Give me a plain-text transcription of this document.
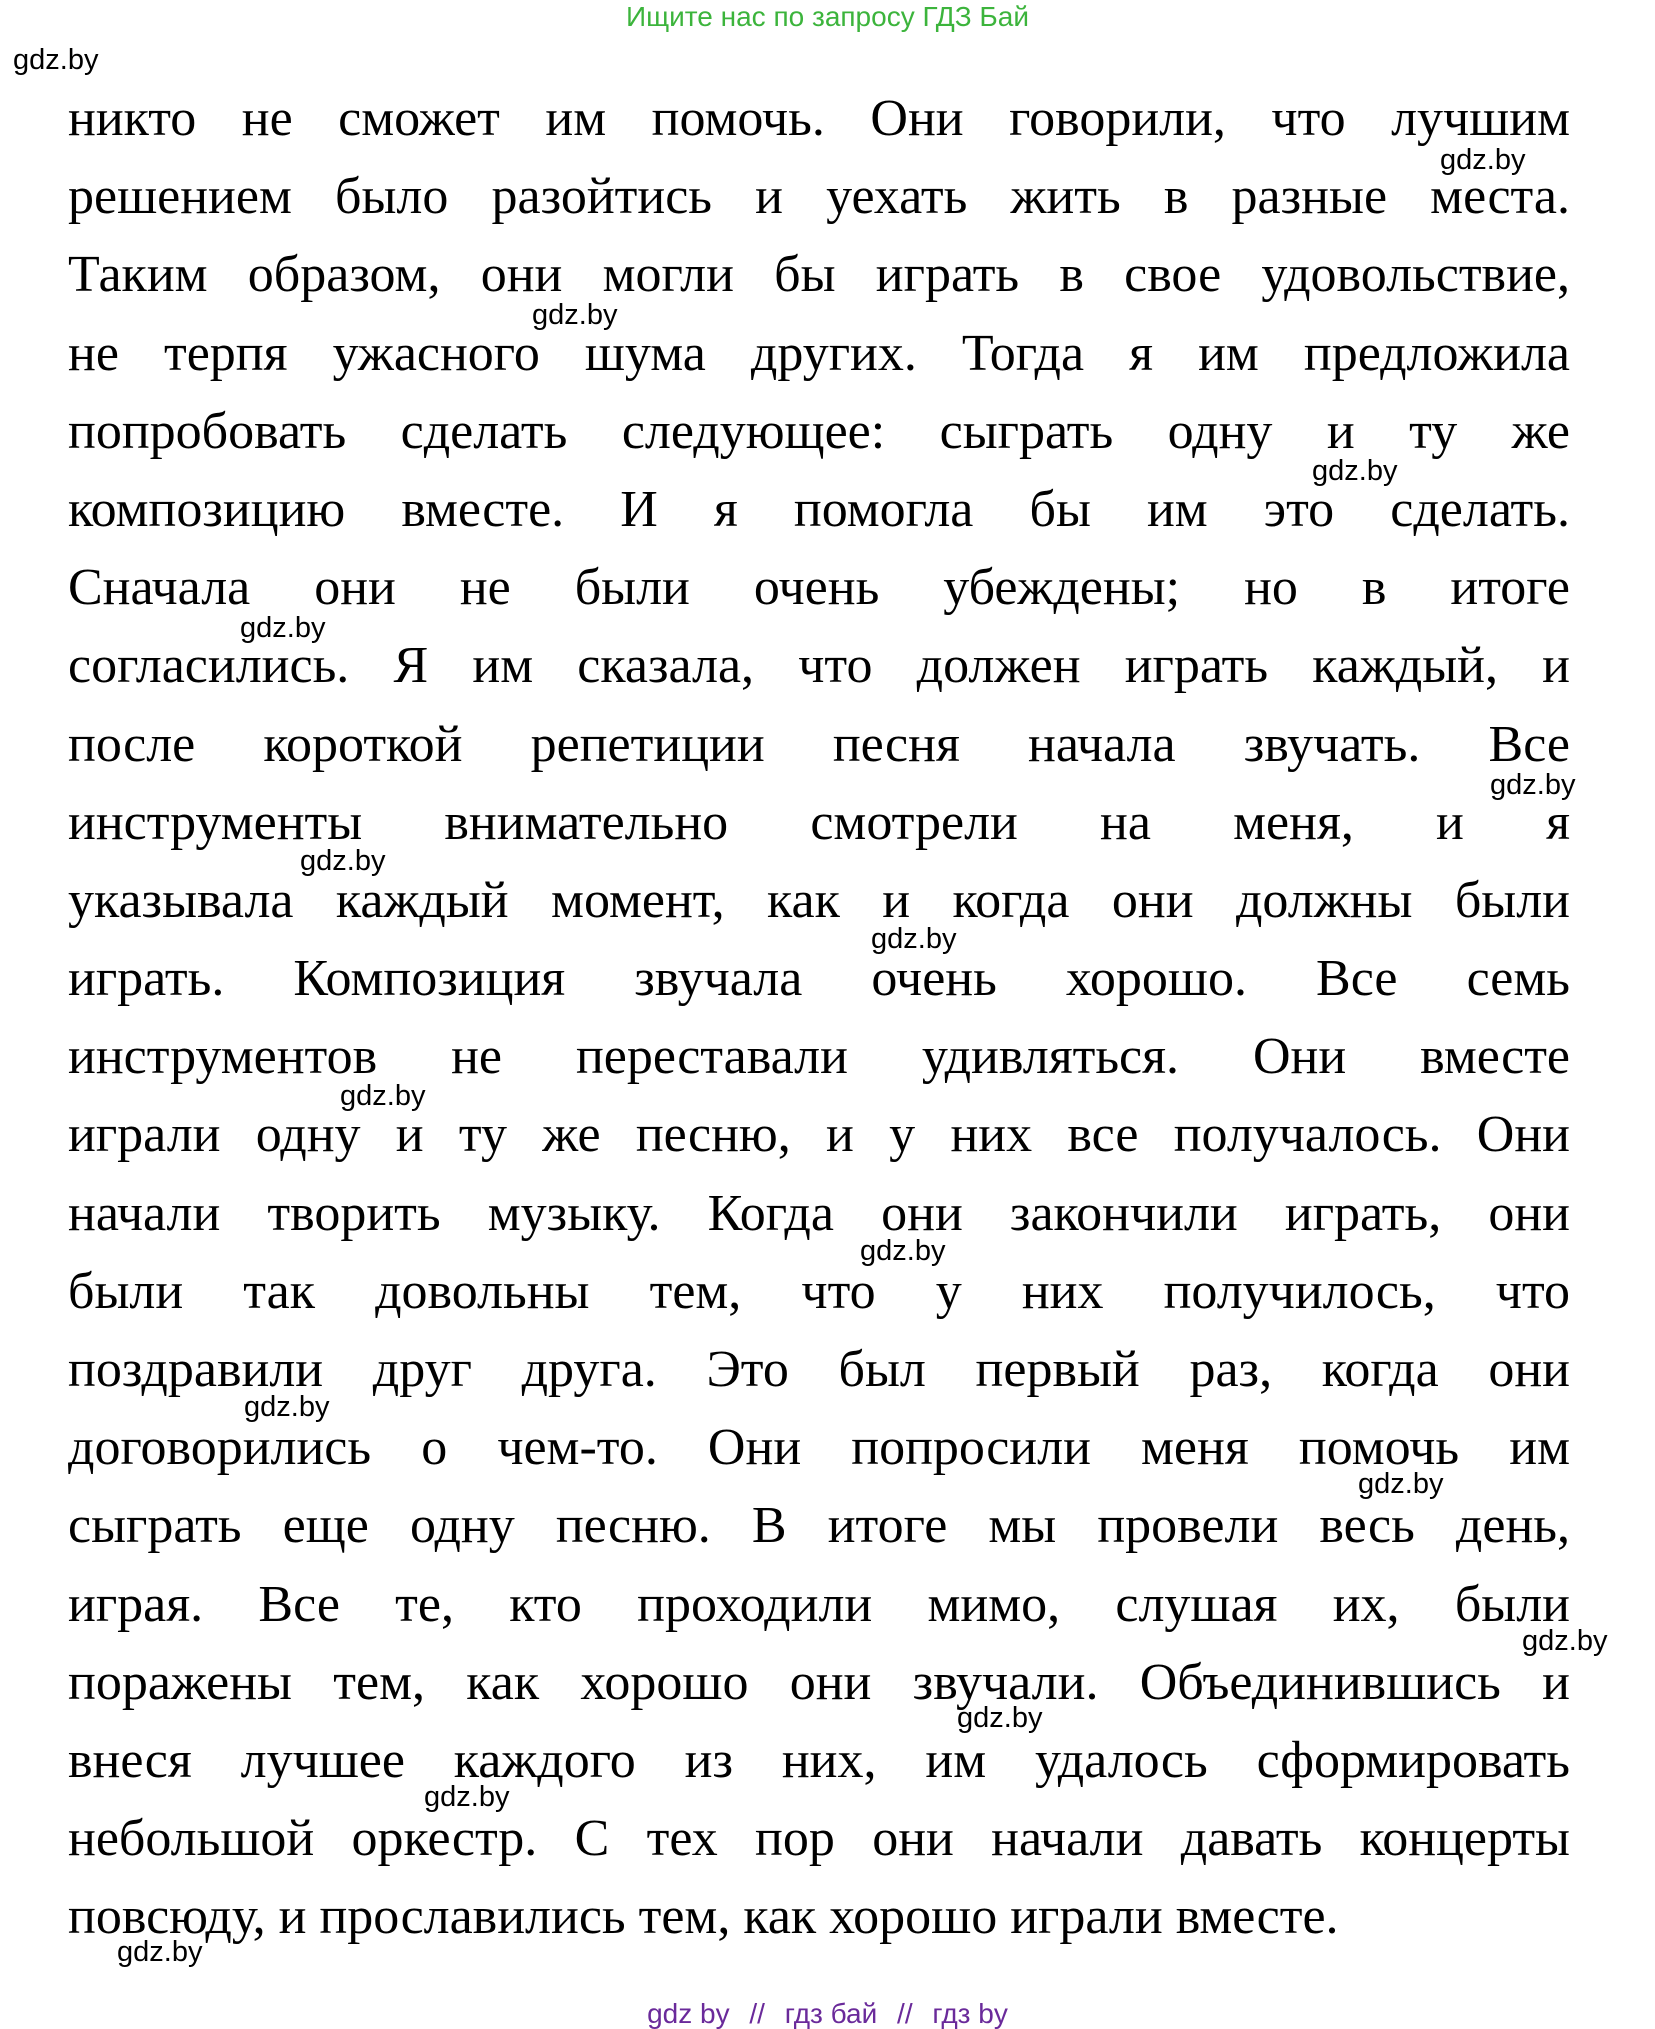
Ищите нас по запросу ГДЗ Бай
gdz.by
gdz.by
gdz.by
gdz.by
gdz.by
gdz.by
gdz.by
gdz.by
gdz.by
gdz.by
gdz.by
gdz.by
gdz.by
gdz.by
gdz.by
gdz.by
никто не сможет им помочь. Они говорили, что лучшим
решением было разойтись и уехать жить в разные места.
Таким образом, они могли бы играть в свое удовольствие,
не терпя ужасного шума других. Тогда я им предложила
попробовать сделать следующее: сыграть одну и ту же
композицию вместе. И я помогла бы им это сделать.
Сначала они не были очень убеждены; но в итоге
согласились. Я им сказала, что должен играть каждый, и
после короткой репетиции песня начала звучать. Все
инструменты внимательно смотрели на меня, и я
указывала каждый момент, как и когда они должны были
играть. Композиция звучала очень хорошо. Все семь
инструментов не переставали удивляться. Они вместе
играли одну и ту же песню, и у них все получалось. Они
начали творить музыку. Когда они закончили играть, они
были так довольны тем, что у них получилось, что
поздравили друг друга. Это был первый раз, когда они
договорились о чем-то. Они попросили меня помочь им
сыграть еще одну песню. В итоге мы провели весь день,
играя. Все те, кто проходили мимо, слушая их, были
поражены тем, как хорошо они звучали. Объединившись и
внеся лучшее каждого из них, им удалось сформировать
небольшой оркестр. С тех пор они начали давать концерты
повсюду, и прославились тем, как хорошо играли вместе.
gdz by // гдз бай // гдз by
